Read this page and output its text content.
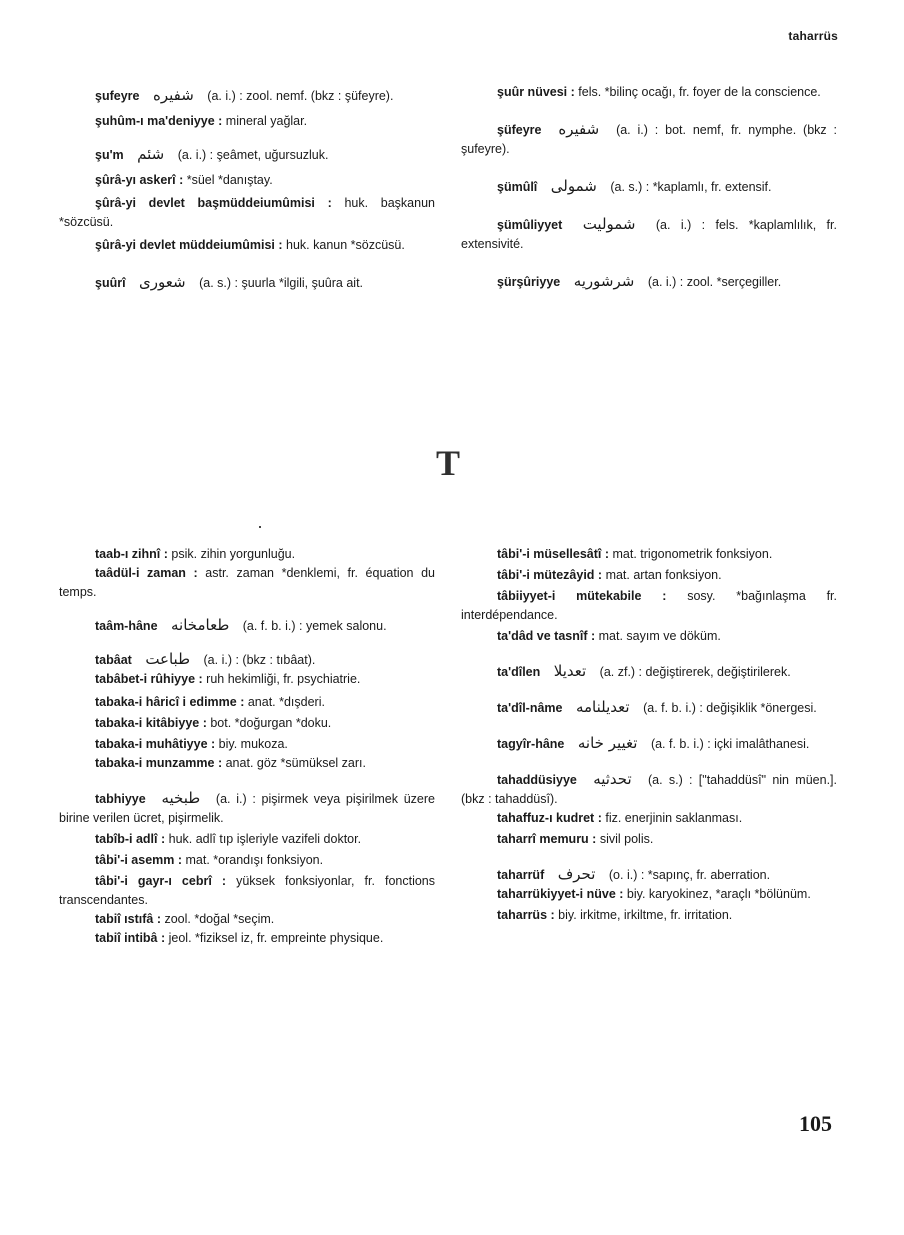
taharrüs

şufeyre شفيره (a. i.) : zool. nemf. (bkz : şüfeyre).

şuhûm-ı ma'deniyye : mineral yağlar.

şu'm شئم (a. i.) : şeâmet, uğursuzluk.

şûrâ-yı askerî : *süel *danıştay.

şûrâ-yi devlet başmüddeiumûmisi : huk. başkanun *sözcüsü.

şûrâ-yi devlet müddeiumûmisi : huk. kanun *sözcüsü.

şuûrî شعورى (a. s.) : şuurla *ilgili, şuûra ait.

şuûr nüvesi : fels. *bilinç ocağı, fr. foyer de la conscience.

şüfeyre شفيره (a. i.) : bot. nemf, fr. nymphe. (bkz : şufeyre).

şümûlî شمولى (a. s.) : *kaplamlı, fr. extensif.

şümûliyyet شموليت (a. i.) : fels. *kaplamlılık, fr. extensivité.

şürşûriyye شرشوريه (a. i.) : zool. *serçegiller.

T

taab-ı zihnî : psik. zihin yorgunluğu.

taâdül-i zaman : astr. zaman *denklemi, fr. équation du temps.

taâm-hâne طعامخانه (a. f. b. i.) : yemek salonu.

tabâat طباعت (a. i.) : (bkz : tıbâat).

tabâbet-i rûhiyye : ruh hekimliği, fr. psychiatrie.

tabaka-i hâricî i edimme : anat. *dışderi.

tabaka-i kitâbiyye : bot. *doğurgan *doku.

tabaka-i muhâtiyye : biy. mukoza.

tabaka-i munzamme : anat. göz *sümüksel zarı.

tabhiyye طبخيه (a. i.) : pişirmek veya pişirilmek üzere birine verilen ücret, pişirmelik.

tabîb-i adlî : huk. adlî tıp işleriyle vazifeli doktor.

tâbi'-i asemm : mat. *orandışı fonksiyon.

tâbi'-i gayr-ı cebrî : yüksek fonksiyonlar, fr. fonctions transcendantes.

tabiî ıstıfâ : zool. *doğal *seçim.

tabiî intibâ : jeol. *fiziksel iz, fr. empreinte physique.

tâbi'-i müsellesâtî : mat. trigonometrik fonksiyon.

tâbi'-i mütezâyid : mat. artan fonksiyon.

tâbiiyyet-i mütekabile : sosy. *bağınlaşma fr. interdépendance.

ta'dâd ve tasnîf : mat. sayım ve döküm.

ta'dîlen تعديلا (a. zf.) : değiştirerek, değiştirilerek.

ta'dîl-nâme تعديلنامه (a. f. b. i.) : değişiklik *önergesi.

tagyîr-hâne تغيير خانه (a. f. b. i.) : içki imalâthanesi.

tahaddüsiyye تحدثيه (a. s.) : ["tahaddüsî" nin müen.]. (bkz : tahaddüsî).

tahaffuz-ı kudret : fiz. enerjinin saklanması.

taharrî memuru : sivil polis.

taharrüf تحرف (o. i.) : *sapınç, fr. aberration.

taharrükiyyet-i nüve : biy. karyokinez, *araçlı *bölünüm.

taharrüs : biy. irkitme, irkiltme, fr. irritation.

105
